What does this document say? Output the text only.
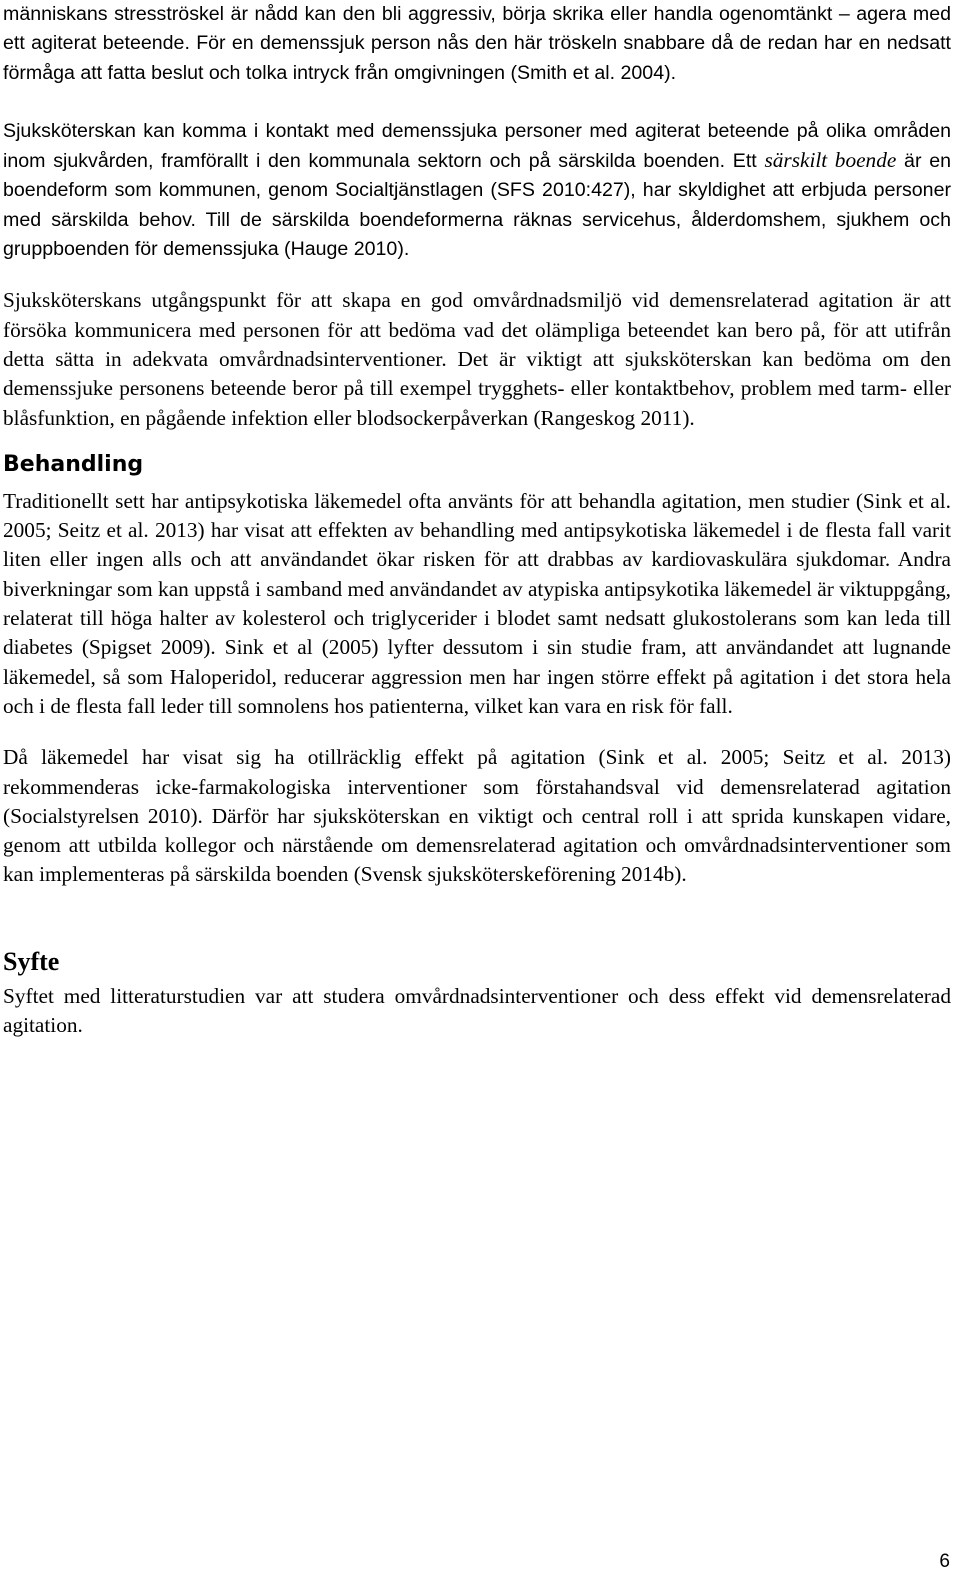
människans stresströskel är nådd kan den bli aggressiv, börja skrika eller handla ogenomtänkt – agera med ett agiterat beteende. För en demenssjuk person nås den här tröskeln snabbare då de redan har en nedsatt förmåga att fatta beslut och tolka intryck från omgivningen (Smith et al. 2004).

Sjuksköterskan kan komma i kontakt med demenssjuka personer med agiterat beteende på olika områden inom sjukvården, framförallt i den kommunala sektorn och på särskilda boenden. Ett särskilt boende är en boendeform som kommunen, genom Socialtjänstlagen (SFS 2010:427), har skyldighet att erbjuda personer med särskilda behov. Till de särskilda boendeformerna räknas servicehus, ålderdomshem, sjukhem och gruppboenden för demenssjuka (Hauge 2010).

Sjuksköterskans utgångspunkt för att skapa en god omvårdnadsmiljö vid demensrelaterad agitation är att försöka kommunicera med personen för att bedöma vad det olämpliga beteendet kan bero på, för att utifrån detta sätta in adekvata omvårdnadsinterventioner. Det är viktigt att sjuksköterskan kan bedöma om den demenssjuke personens beteende beror på till exempel trygghets- eller kontaktbehov, problem med tarm- eller blåsfunktion, en pågående infektion eller blodsockerpåverkan (Rangeskog 2011).

Behandling

Traditionellt sett har antipsykotiska läkemedel ofta använts för att behandla agitation, men studier (Sink et al. 2005; Seitz et al. 2013) har visat att effekten av behandling med antipsykotiska läkemedel i de flesta fall varit liten eller ingen alls och att användandet ökar risken för att drabbas av kardiovaskulära sjukdomar. Andra biverkningar som kan uppstå i samband med användandet av atypiska antipsykotika läkemedel är viktuppgång, relaterat till höga halter av kolesterol och triglycerider i blodet samt nedsatt glukostolerans som kan leda till diabetes (Spigset 2009). Sink et al (2005) lyfter dessutom i sin studie fram, att användandet att lugnande läkemedel, så som Haloperidol, reducerar aggression men har ingen större effekt på agitation i det stora hela och i de flesta fall leder till somnolens hos patienterna, vilket kan vara en risk för fall.

Då läkemedel har visat sig ha otillräcklig effekt på agitation (Sink et al. 2005; Seitz et al. 2013) rekommenderas icke-farmakologiska interventioner som förstahandsval vid demensrelaterad agitation (Socialstyrelsen 2010). Därför har sjuksköterskan en viktigt och central roll i att sprida kunskapen vidare, genom att utbilda kollegor och närstående om demensrelaterad agitation och omvårdnadsinterventioner som kan implementeras på särskilda boenden (Svensk sjuksköterskeförening 2014b).

Syfte

Syftet med litteraturstudien var att studera omvårdnadsinterventioner och dess effekt vid demensrelaterad agitation.

6
